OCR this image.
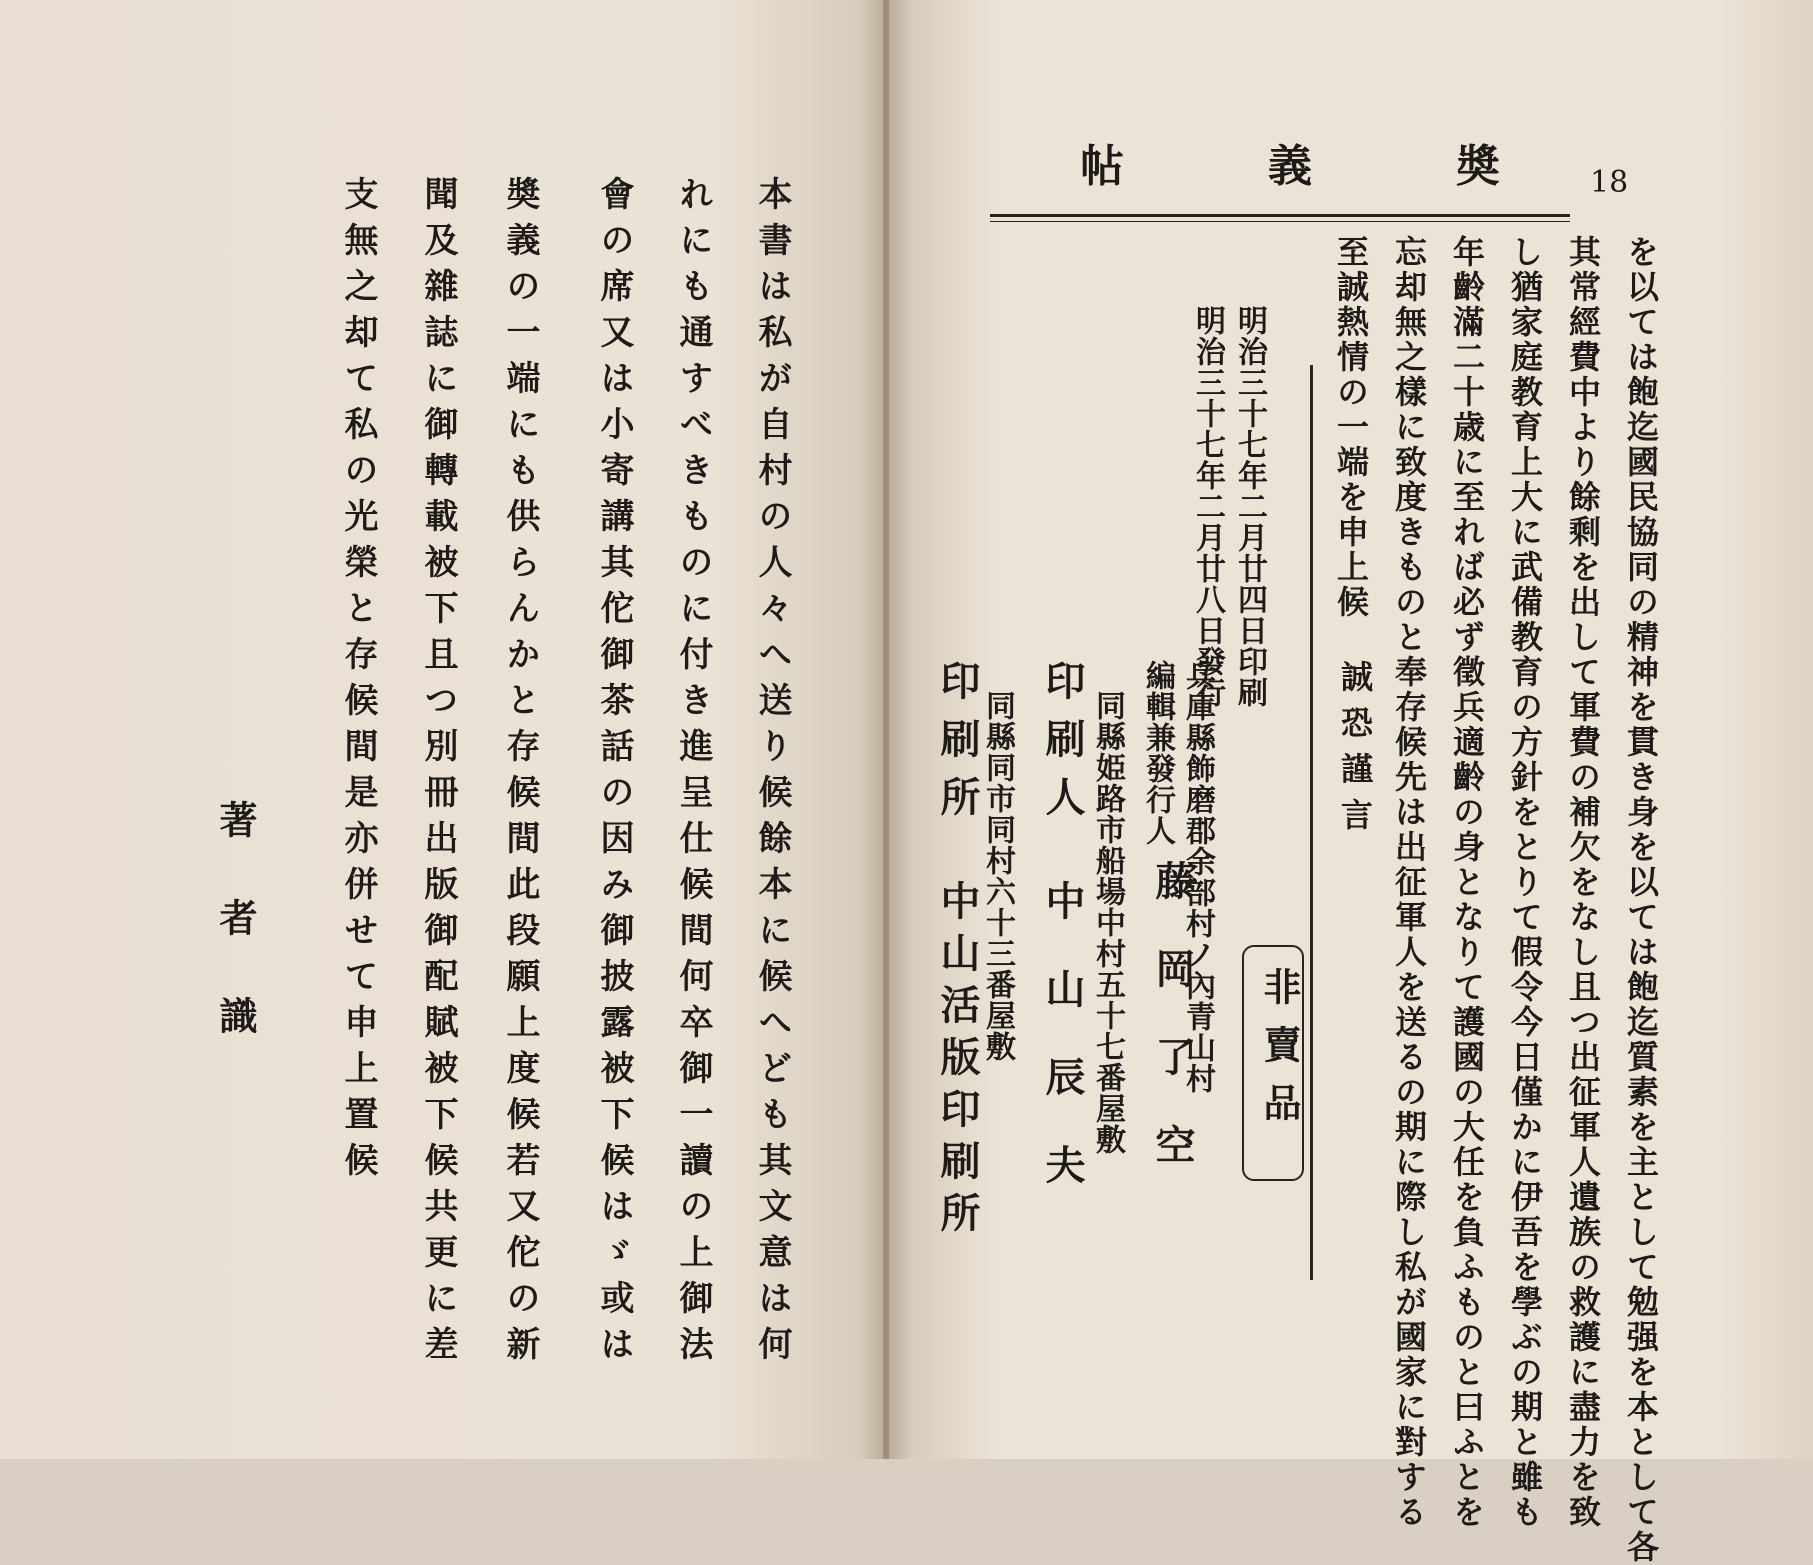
本書は私が自村の人々へ送り候餘本に候へども其文意は何
れにも通すべきものに付き進呈仕候間何卒御一讀の上御法
會の席又は小寄講其佗御茶話の因み御披露被下候はゞ或は
奬義の一端にも供らんかと存候間此段願上度候若又佗の新
聞及雜誌に御轉載被下且つ別冊出版御配賦被下候共更に差
支無之却て私の光榮と存候間是亦併せて申上置候
著者識
帖	義	奬	18
を以ては飽迄國民協同の精神を貫き身を以ては飽迄質素を主として勉强を本として各
其常經費中より餘剩を出して軍費の補欠をなし且つ出征軍人遺族の救護に盡力を致
し猶家庭教育上大に武備教育の方針をとりて假令今日僅かに伊吾を學ぶの期と雖も
年齡滿二十歳に至れば必ず徵兵適齡の身となりて護國の大任を負ふものと曰ふとを
忘却無之樣に致度きものと奉存候先は出征軍人を送るの期に際し私が國家に對する
至誠熱情の一端を申上候
誠恐謹言
明治三十七年二月廿四日印刷
明治三十七年二月廿八日發行
非賣品
兵庫縣飾磨郡余部村ノ內青山村
編輯兼發行人
藤岡了空
同縣姫路市船場中村五十七番屋敷
印刷人
中山辰夫
同縣同市同村六十三番屋敷
印刷所
中山活版印刷所
